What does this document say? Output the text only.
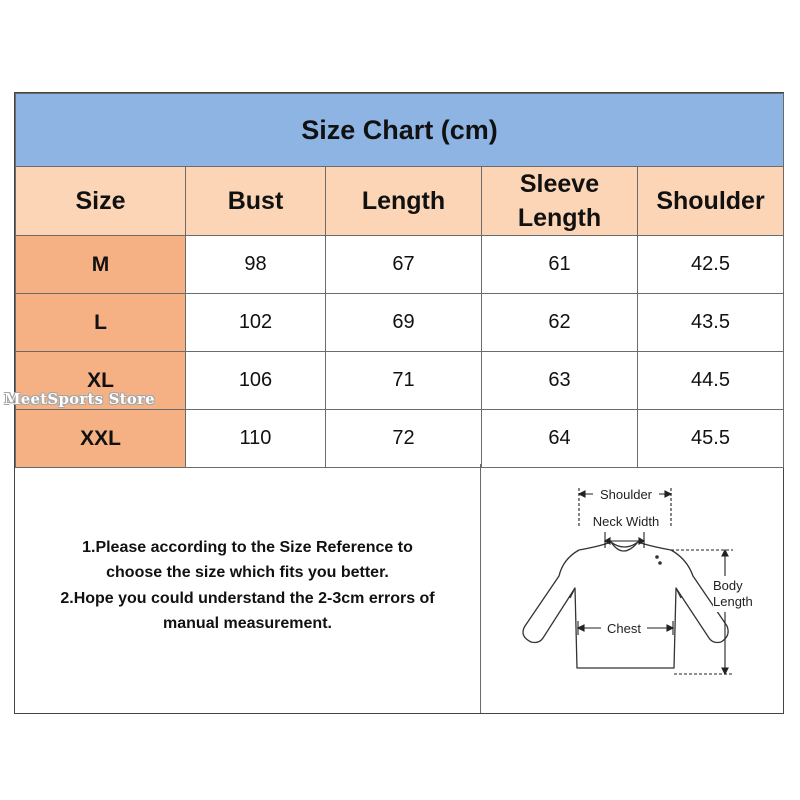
Size Chart (cm)				
Size	Bust	Length	Sleeve Length	Shoulder
M	98	67	61	42.5
L	102	69	62	43.5
XL	106	71	63	44.5
XXL	110	72	64	45.5
1.Please according to the Size Reference to
choose the size which fits you better.
2.Hope you could understand the 2-3cm errors of
manual measurement.
Shoulder
Neck Width
Body
Length
Chest
MeetSports Store
